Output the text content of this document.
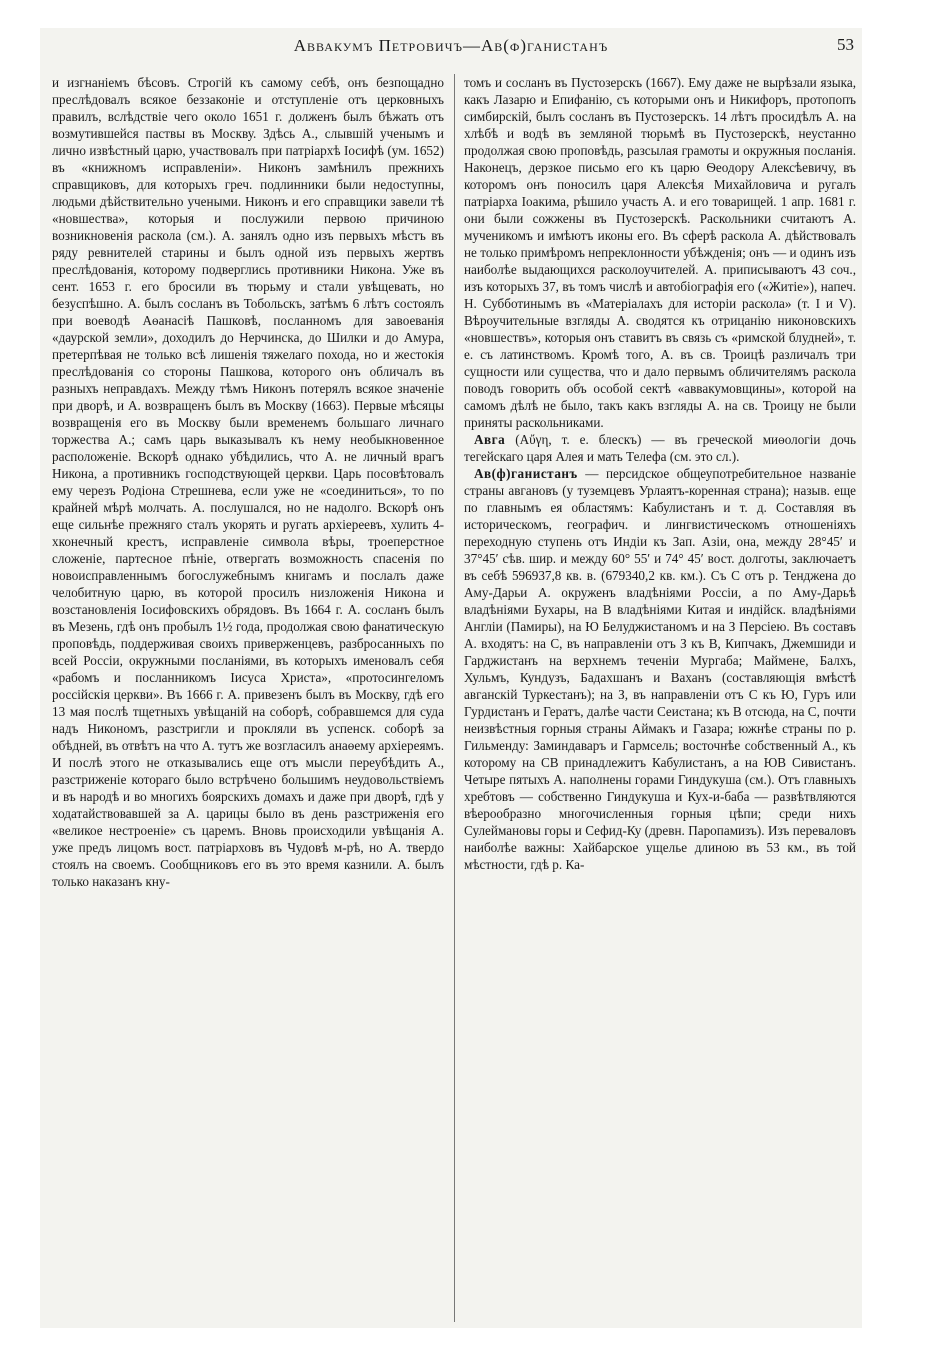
Аввакумъ Петровичъ—Ав(ф)ганистанъ	53

и изгнаніемъ бѣсовъ. Строгій къ самому себѣ, онъ безпощадно преслѣдовалъ всякое беззаконіе и отступленіе отъ церковныхъ правилъ, вслѣдствіе чего около 1651 г. долженъ былъ бѣжать отъ возмутившейся паствы въ Москву. Здѣсь А., слывшій ученымъ и лично извѣстный царю, участвовалъ при патріархѣ Іосифѣ (ум. 1652) въ «книжномъ исправленіи». Никонъ замѣнилъ прежнихъ справщиковъ, для которыхъ греч. подлинники были недоступны, людьми дѣйствительно учеными. Никонъ и его справщики завели тѣ «новшества», которыя и послужили первою причиною возникновенія раскола (см.). А. занялъ одно изъ первыхъ мѣстъ въ ряду ревнителей старины и былъ одной изъ первыхъ жертвъ преслѣдованія, которому подверглись противники Никона. Уже въ сент. 1653 г. его бросили въ тюрьму и стали увѣщевать, но безуспѣшно. А. былъ сосланъ въ Тобольскъ, затѣмъ 6 лѣтъ состоялъ при воеводѣ Аѳанасіѣ Пашковѣ, посланномъ для завоеванія «даурской земли», доходилъ до Нерчинска, до Шилки и до Амура, претерпѣвая не только всѣ лишенія тяжелаго похода, но и жестокія преслѣдованія со стороны Пашкова, которого онъ обличалъ въ разныхъ неправдахъ. Между тѣмъ Никонъ потерялъ всякое значеніе при дворѣ, и А. возвращенъ былъ въ Москву (1663). Первые мѣсяцы возвращенія его въ Москву были временемъ большаго личнаго торжества А.; самъ царь выказывалъ къ нему необыкновенное расположеніе. Вскорѣ однако убѣдились, что А. не личный врагъ Никона, а противникъ господствующей церкви. Царь посовѣтовалъ ему черезъ Родіона Стрешнева, если уже не «соединиться», то по крайней мѣрѣ молчать. А. послушался, но не надолго. Вскорѣ онъ еще сильнѣе прежняго сталъ укорять и ругать архіереевъ, хулить 4-хконечный крестъ, исправленіе символа вѣры, троеперстное сложеніе, партесное пѣніе, отвергать возможность спасенія по новоисправленнымъ богослужебнымъ книгамъ и послалъ даже челобитную царю, въ которой просилъ низложенія Никона и возстановленія Іосифовскихъ обрядовъ. Въ 1664 г. А. сосланъ былъ въ Мезень, гдѣ онъ пробылъ 1½ года, продолжая свою фанатическую проповѣдь, поддерживая своихъ приверженцевъ, разбросанныхъ по всей Россіи, окружными посланіями, въ которыхъ именовалъ себя «рабомъ и посланникомъ Іисуса Христа», «протосингеломъ россійскія церкви». Въ 1666 г. А. привезенъ былъ въ Москву, гдѣ его 13 мая послѣ тщетныхъ увѣщаній на соборѣ, собравшемся для суда надъ Никономъ, разстригли и прокляли въ успенск. соборѣ за обѣдней, въ отвѣтъ на что А. тутъ же возгласилъ анаѳему архіереямъ. И послѣ этого не отказывались еще отъ мысли переубѣдить А., разстриженіе котораго было встрѣчено большимъ неудовольствіемъ и въ народѣ и во многихъ боярскихъ домахъ и даже при дворѣ, гдѣ у ходатайствовавшей за А. царицы было въ день разстриженія его «великое нестроеніе» съ царемъ. Вновь происходили увѣщанія А. уже предъ лицомъ вост. патріарховъ въ Чудовѣ м-рѣ, но А. твердо стоялъ на своемъ. Сообщниковъ его въ это время казнили. А. былъ только наказанъ кну-

томъ и сосланъ въ Пустозерскъ (1667). Ему даже не вырѣзали языка, какъ Лазарю и Епифанію, съ которыми онъ и Никифоръ, протопопъ симбирскій, былъ сосланъ въ Пустозерскъ. 14 лѣтъ просидѣлъ А. на хлѣбѣ и водѣ въ земляной тюрьмѣ въ Пустозерскѣ, неустанно продолжая свою проповѣдь, разсылая грамоты и окружныя посланія. Наконецъ, дерзкое письмо его къ царю Ѳеодору Алексѣевичу, въ которомъ онъ поносилъ царя Алексѣя Михайловича и ругалъ патріарха Іоакима, рѣшило участь А. и его товарищей. 1 апр. 1681 г. они были сожжены въ Пустозерскѣ. Раскольники считаютъ А. мученикомъ и имѣютъ иконы его. Въ сферѣ раскола А. дѣйствовалъ не только примѣромъ непреклонности убѣжденія; онъ — и одинъ изъ наиболѣе выдающихся расколоучителей. А. приписываютъ 43 соч., изъ которыхъ 37, въ томъ числѣ и автобіографія его («Житіе»), напеч. Н. Субботинымъ въ «Матеріалахъ для исторіи раскола» (т. I и V). Вѣроучительные взгляды А. сводятся къ отрицанію никоновскихъ «новшествъ», которыя онъ ставитъ въ связь съ «римской блудней», т. е. съ латинствомъ. Кромѣ того, А. въ св. Троицѣ различалъ три сущности или существа, что и дало первымъ обличителямъ раскола поводъ говорить объ особой сектѣ «аввакумовщины», которой на самомъ дѣлѣ не было, такъ какъ взгляды А. на св. Троицу не были приняты раскольниками.

Авга (Αὔγη, т. е. блескъ) — въ греческой миѳологіи дочь тегейскаго царя Алея и мать Телефа (см. это сл.).

Ав(ф)ганистанъ — персидское общеупотребительное названіе страны авгановъ (у туземцевъ Урлаятъ-коренная страна); назыв. еще по главнымъ ея областямъ: Кабулистанъ и т. д. Составляя въ историческомъ, географич. и лингвистическомъ отношеніяхъ переходную ступень отъ Индіи къ Зап. Азіи, она, между 28°45′ и 37°45′ сѣв. шир. и между 60° 55′ и 74° 45′ вост. долготы, заключаетъ въ себѣ 596937,8 кв. в. (679340,2 кв. км.). Съ С отъ р. Тенджена до Аму-Дарьи А. окруженъ владѣніями Россіи, а по Аму-Дарьѣ владѣніями Бухары, на В владѣніями Китая и индійск. владѣніями Англіи (Памиры), на Ю Белуджистаномъ и на З Персіею. Въ составъ А. входятъ: на С, въ направленіи отъ З къ В, Кипчакъ, Джемшиди и Гарджистанъ на верхнемъ теченіи Мургаба; Маймене, Балхъ, Хульмъ, Кундузъ, Бадахшанъ и Ваханъ (составляющія вмѣстѣ авганскій Туркестанъ); на З, въ направленіи отъ С къ Ю, Гуръ или Гурдистанъ и Гератъ, далѣе части Сеистана; къ В отсюда, на С, почти неизвѣстныя горныя страны Аймакъ и Газара; южнѣе страны по р. Гильменду: Заминдаваръ и Гармсель; восточнѣе собственный А., къ которому на СВ принадлежитъ Кабулистанъ, а на ЮВ Сивистанъ. Четыре пятыхъ А. наполнены горами Гиндукуша (см.). Отъ главныхъ хребтовъ — собственно Гиндукуша и Кух-и-баба — развѣтвляются вѣерообразно многочисленныя горныя цѣпи; среди нихъ Сулеймановы горы и Сефид-Ку (древн. Паропамизъ). Изъ переваловъ наиболѣе важны: Хайбарское ущелье длиною въ 53 км., въ той мѣстности, гдѣ р. Ка-
